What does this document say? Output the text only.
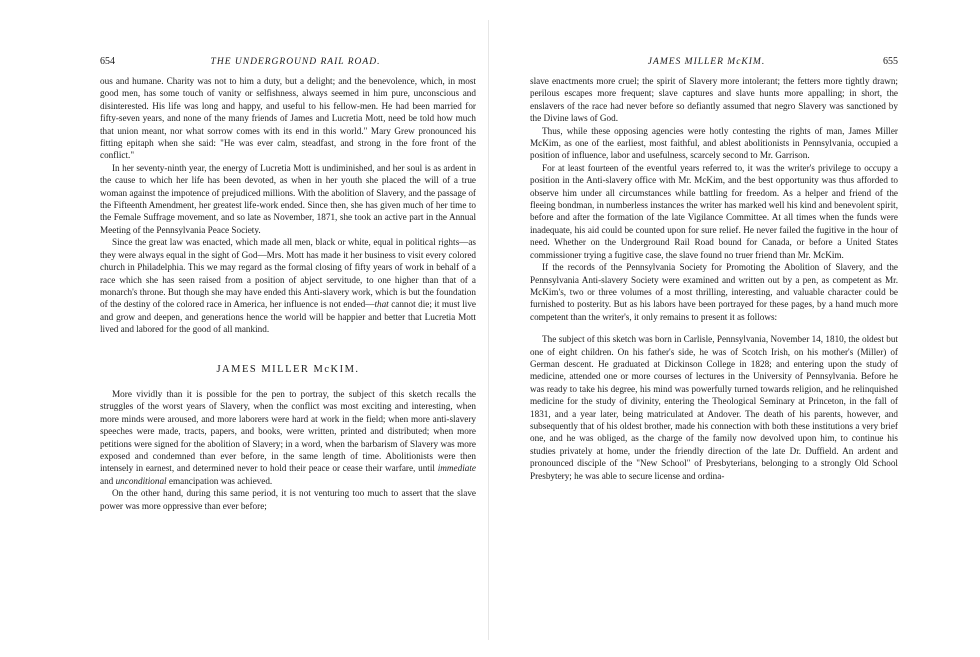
654	THE UNDERGROUND RAIL ROAD.

ous and humane. Charity was not to him a duty, but a delight; and the benevolence, which, in most good men, has some touch of vanity or selfishness, always seemed in him pure, unconscious and disinterested. His life was long and happy, and useful to his fellow-men. He had been married for fifty-seven years, and none of the many friends of James and Lucretia Mott, need be told how much that union meant, nor what sorrow comes with its end in this world." Mary Grew pronounced his fitting epitaph when she said: "He was ever calm, steadfast, and strong in the fore front of the conflict."

In her seventy-ninth year, the energy of Lucretia Mott is undiminished, and her soul is as ardent in the cause to which her life has been devoted, as when in her youth she placed the will of a true woman against the impotence of prejudiced millions. With the abolition of Slavery, and the passage of the Fifteenth Amendment, her greatest life-work ended. Since then, she has given much of her time to the Female Suffrage movement, and so late as November, 1871, she took an active part in the Annual Meeting of the Pennsylvania Peace Society.

Since the great law was enacted, which made all men, black or white, equal in political rights—as they were always equal in the sight of God—Mrs. Mott has made it her business to visit every colored church in Philadelphia. This we may regard as the formal closing of fifty years of work in behalf of a race which she has seen raised from a position of abject servitude, to one higher than that of a monarch's throne. But though she may have ended this Anti-slavery work, which is but the foundation of the destiny of the colored race in America, her influence is not ended—that cannot die; it must live and grow and deepen, and generations hence the world will be happier and better that Lucretia Mott lived and labored for the good of all mankind.

JAMES MILLER McKIM.

More vividly than it is possible for the pen to portray, the subject of this sketch recalls the struggles of the worst years of Slavery, when the conflict was most exciting and interesting, when more minds were aroused, and more laborers were hard at work in the field; when more anti-slavery speeches were made, tracts, papers, and books, were written, printed and distributed; when more petitions were signed for the abolition of Slavery; in a word, when the barbarism of Slavery was more exposed and condemned than ever before, in the same length of time. Abolitionists were then intensely in earnest, and determined never to hold their peace or cease their warfare, until immediate and unconditional emancipation was achieved.

On the other hand, during this same period, it is not venturing too much to assert that the slave power was more oppressive than ever before;

JAMES MILLER McKIM.	655

slave enactments more cruel; the spirit of Slavery more intolerant; the fetters more tightly drawn; perilous escapes more frequent; slave captures and slave hunts more appalling; in short, the enslavers of the race had never before so defiantly assumed that negro Slavery was sanctioned by the Divine laws of God.

Thus, while these opposing agencies were hotly contesting the rights of man, James Miller McKim, as one of the earliest, most faithful, and ablest abolitionists in Pennsylvania, occupied a position of influence, labor and usefulness, scarcely second to Mr. Garrison.

For at least fourteen of the eventful years referred to, it was the writer's privilege to occupy a position in the Anti-slavery office with Mr. McKim, and the best opportunity was thus afforded to observe him under all circumstances while battling for freedom. As a helper and friend of the fleeing bondman, in numberless instances the writer has marked well his kind and benevolent spirit, before and after the formation of the late Vigilance Committee. At all times when the funds were inadequate, his aid could be counted upon for sure relief. He never failed the fugitive in the hour of need. Whether on the Underground Rail Road bound for Canada, or before a United States commissioner trying a fugitive case, the slave found no truer friend than Mr. McKim.

If the records of the Pennsylvania Society for Promoting the Abolition of Slavery, and the Pennsylvania Anti-slavery Society were examined and written out by a pen, as competent as Mr. McKim's, two or three volumes of a most thrilling, interesting, and valuable character could be furnished to posterity. But as his labors have been portrayed for these pages, by a hand much more competent than the writer's, it only remains to present it as follows:

The subject of this sketch was born in Carlisle, Pennsylvania, November 14, 1810, the oldest but one of eight children. On his father's side, he was of Scotch Irish, on his mother's (Miller) of German descent. He graduated at Dickinson College in 1828; and entering upon the study of medicine, attended one or more courses of lectures in the University of Pennsylvania. Before he was ready to take his degree, his mind was powerfully turned towards religion, and he relinquished medicine for the study of divinity, entering the Theological Seminary at Princeton, in the fall of 1831, and a year later, being matriculated at Andover. The death of his parents, however, and subsequently that of his oldest brother, made his connection with both these institutions a very brief one, and he was obliged, as the charge of the family now devolved upon him, to continue his studies privately at home, under the friendly direction of the late Dr. Duffield. An ardent and pronounced disciple of the "New School" of Presbyterians, belonging to a strongly Old School Presbytery; he was able to secure license and ordina-
